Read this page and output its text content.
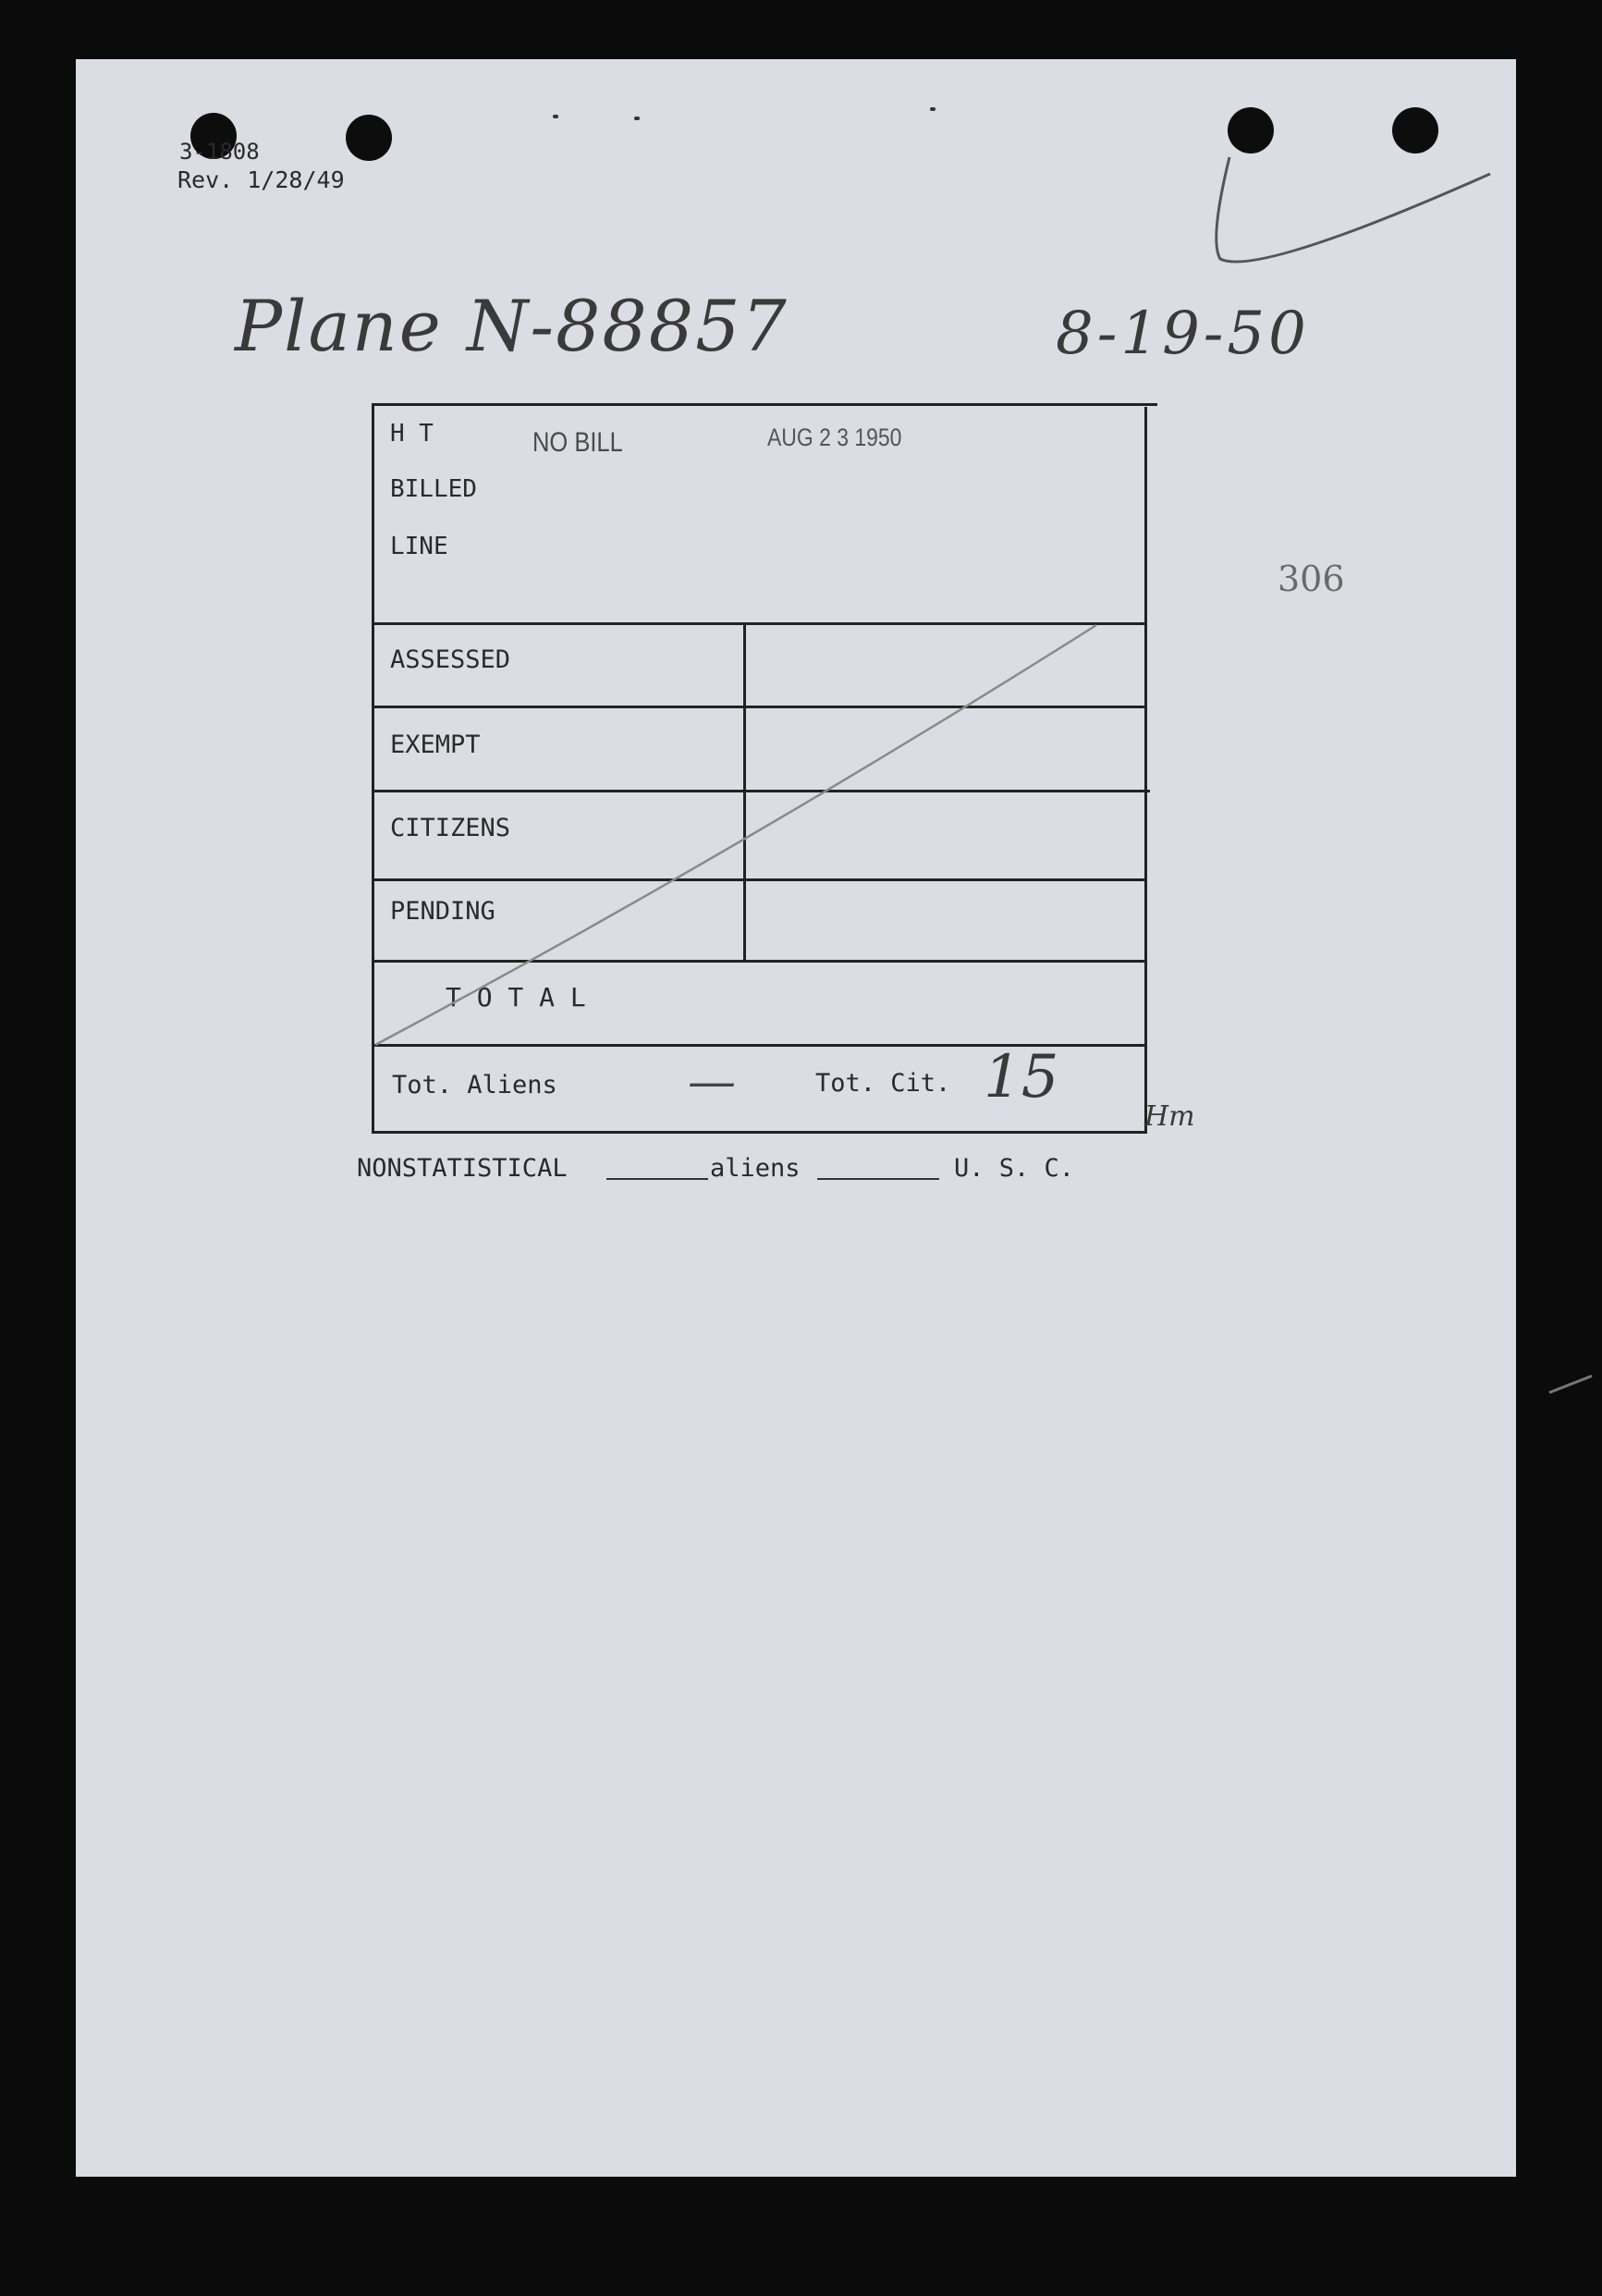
3-1808
Rev. 1/28/49
Plane N-88857	8-19-50
306
H T
BILLED
LINE
NO BILL	AUG 2 3 1950
ASSESSED
EXEMPT
CITIZENS
PENDING
T O T A L
Tot. Aliens	—	Tot. Cit. 15
Hm
NONSTATISTICAL	aliens	U. S. C.
